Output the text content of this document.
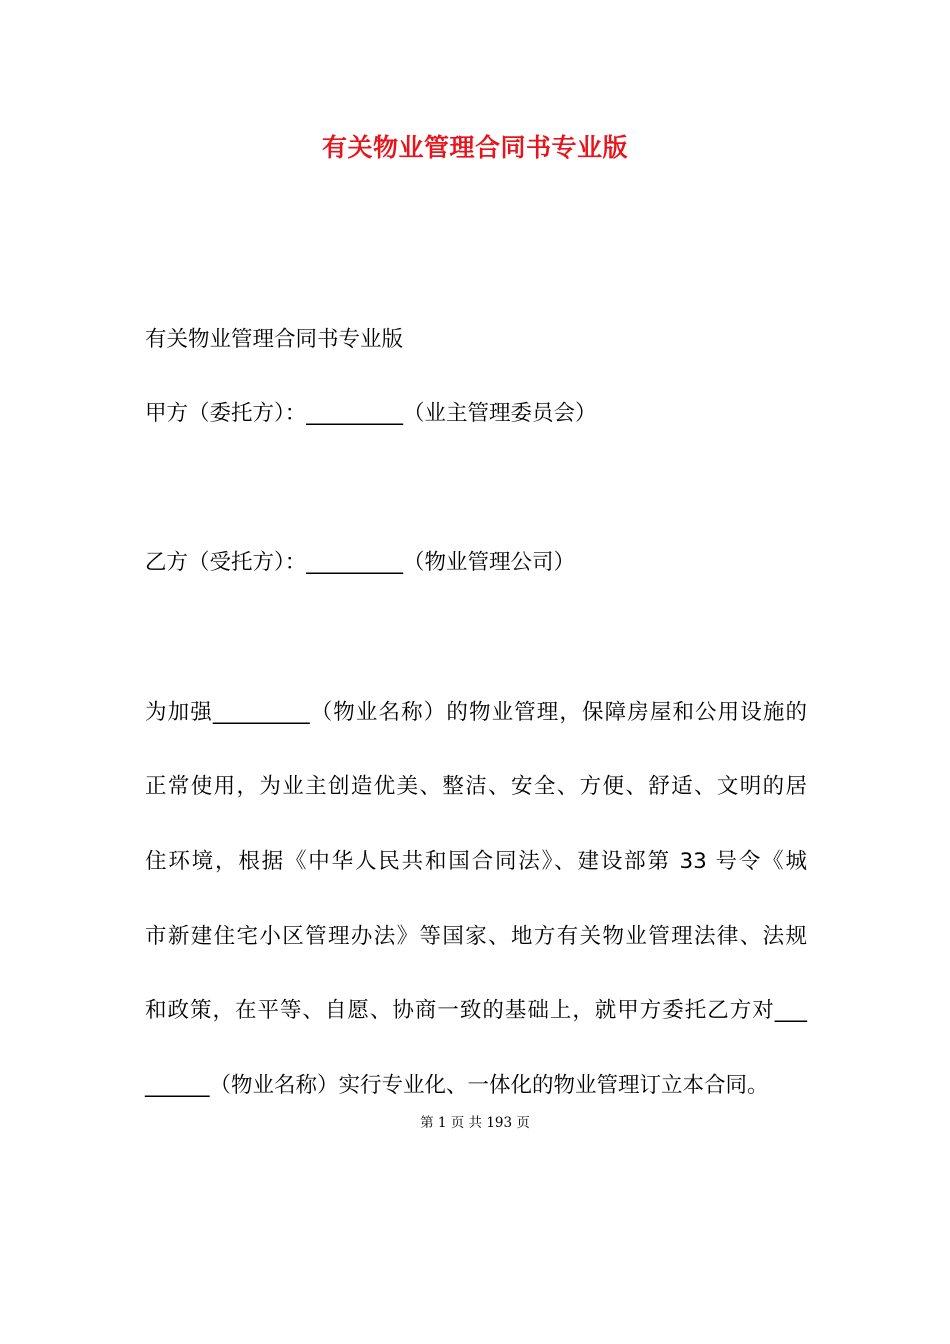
有关物业管理合同书专业版
有关物业管理合同书专业版
甲方（委托方）：_________（业主管理委员会）
乙方（受托方）：_________（物业管理公司）
为加强_________（物业名称）的物业管理，保障房屋和公用设施的
正常使用，为业主创造优美、整洁、安全、方便、舒适、文明的居
住环境，根据《中华人民共和国合同法》、建设部第 33 号令《城
市新建住宅小区管理办法》等国家、地方有关物业管理法律、法规
和政策，在平等、自愿、协商一致的基础上，就甲方委托乙方对___
______（物业名称）实行专业化、一体化的物业管理订立本合同。
第 1 页 共 193 页
